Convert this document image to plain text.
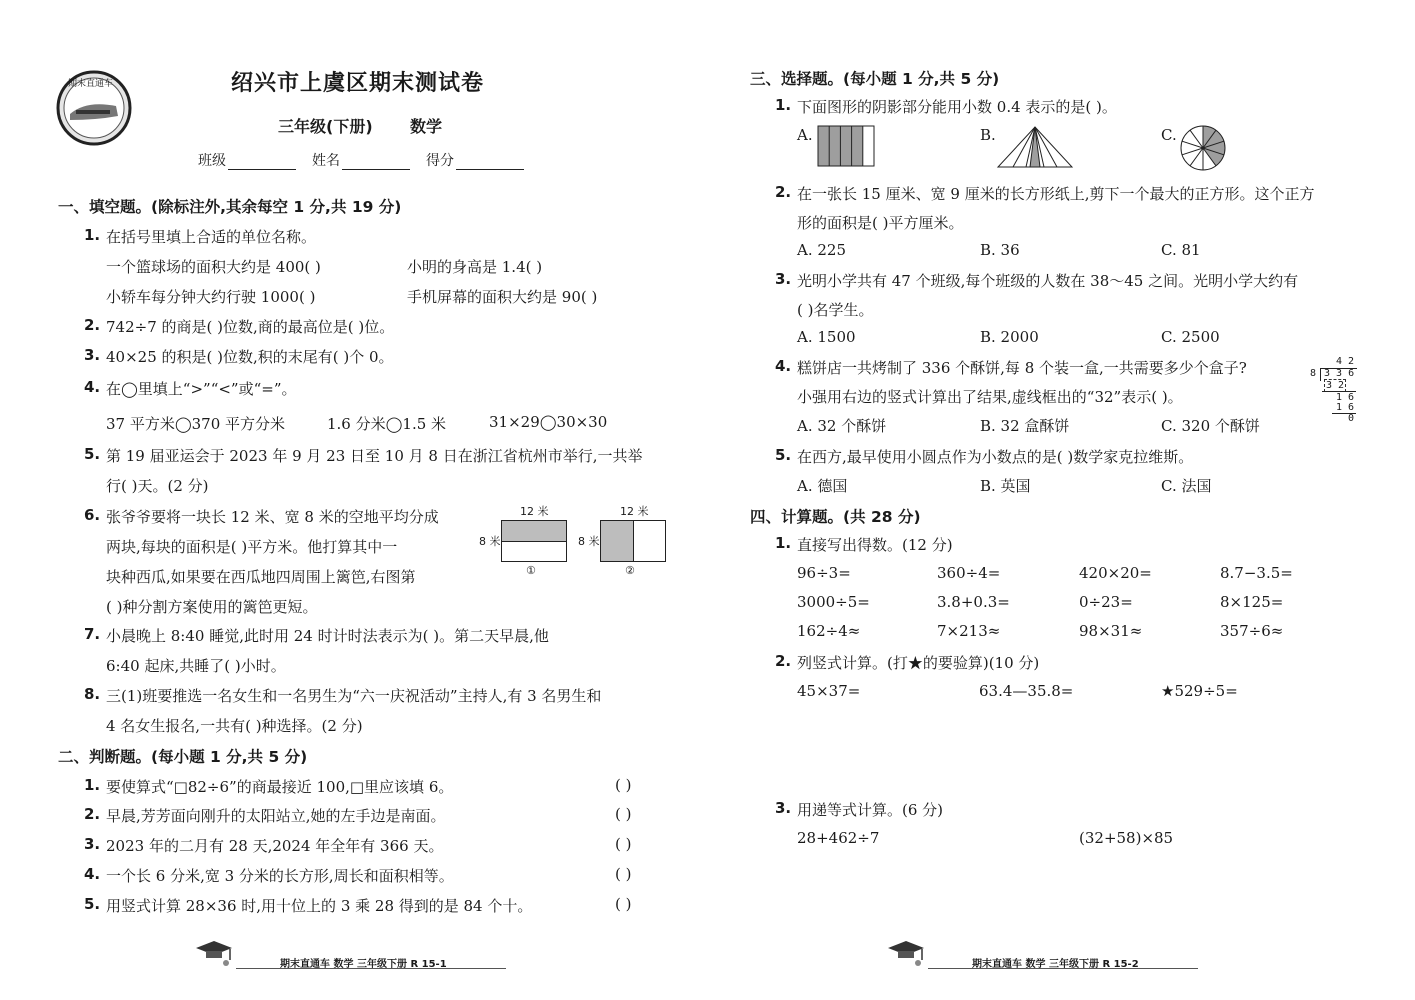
期末直通车	绍兴市上虞区期末测试卷
三年级(下册) 数学
班级	姓名	得分
一、填空题。(除标注外,其余每空 1 分,共 19 分)
1. 在括号里填上合适的单位名称。
一个篮球场的面积大约是 400( )	小明的身高是 1.4( )
小轿车每分钟大约行驶 1000( )	手机屏幕的面积大约是 90( )
2. 742÷7 的商是( )位数,商的最高位是( )位。
3. 40×25 的积是( )位数,积的末尾有( )个 0。
4. 在◯里填上“>”“<”或“=”。
37 平方米◯370 平方分米	1.6 分米◯1.5 米	31×29◯30×30
5. 第 19 届亚运会于 2023 年 9 月 23 日至 10 月 8 日在浙江省杭州市举行,一共举
行( )天。(2 分)
6. 张爷爷要将一块长 12 米、宽 8 米的空地平均分成
两块,每块的面积是( )平方米。他打算其中一
块种西瓜,如果要在西瓜地四周围上篱笆,右图第
( )种分割方案使用的篱笆更短。
12 米
8 米
①
12 米
8 米
②
7. 小晨晚上 8:40 睡觉,此时用 24 时计时法表示为( )。第二天早晨,他
6:40 起床,共睡了( )小时。
8. 三(1)班要推选一名女生和一名男生为“六一庆祝活动”主持人,有 3 名男生和
4 名女生报名,一共有( )种选择。(2 分)
二、判断题。(每小题 1 分,共 5 分)
1. 要使算式“□82÷6”的商最接近 100,□里应该填 6。	( )
2. 早晨,芳芳面向刚升的太阳站立,她的左手边是南面。	( )
3. 2023 年的二月有 28 天,2024 年全年有 366 天。	( )
4. 一个长 6 分米,宽 3 分米的长方形,周长和面积相等。	( )
5. 用竖式计算 28×36 时,用十位上的 3 乘 28 得到的是 84 个十。	( )
期末直通车 数学 三年级下册 R 15-1
三、选择题。(每小题 1 分,共 5 分)
1. 下面图形的阴影部分能用小数 0.4 表示的是( )。
A.	B.	C.
2. 在一张长 15 厘米、宽 9 厘米的长方形纸上,剪下一个最大的正方形。这个正方
形的面积是( )平方厘米。
A. 225	B. 36	C. 81
3. 光明小学共有 47 个班级,每个班级的人数在 38～45 之间。光明小学大约有
( )名学生。
A. 1500	B. 2000	C. 2500
4. 糕饼店一共烤制了 336 个酥饼,每 8 个装一盒,一共需要多少个盒子?
小强用右边的竖式计算出了结果,虚线框出的“32”表示( )。
A. 32 个酥饼	B. 32 盒酥饼	C. 320 个酥饼
4 2
8 3 3 6
3 2
1 6
1 6
0
5. 在西方,最早使用小圆点作为小数点的是( )数学家克拉维斯。
A. 德国	B. 英国	C. 法国
四、计算题。(共 28 分)
1. 直接写出得数。(12 分)
96÷3=	360÷4=	420×20=	8.7−3.5=
3000÷5=	3.8+0.3=	0÷23=	8×125=
162÷4≈	7×213≈	98×31≈	357÷6≈
2. 列竖式计算。(打★的要验算)(10 分)
45×37=	63.4—35.8=	★529÷5=
3. 用递等式计算。(6 分)
28+462÷7	(32+58)×85
期末直通车 数学 三年级下册 R 15-2
